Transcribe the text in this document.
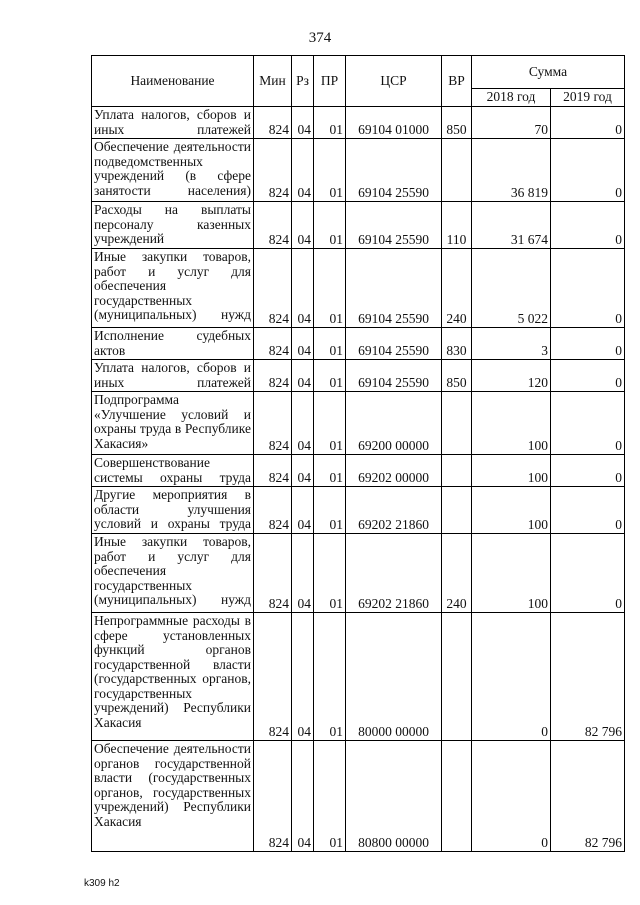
374
Наименование	Мин	Рз	ПР	ЦСР	ВР	Сумма	
						2018 год	2019 год
Уплата налогов, сборов и иных платежей	824	04	01	69104 01000	850	70	0
Обеспечение деятельности подведомственных учреждений (в сфере занятости населения)	824	04	01	69104 25590		36 819	0
Расходы на выплаты персоналу казенных учреждений	824	04	01	69104 25590	110	31 674	0
Иные закупки товаров, работ и услуг для обеспечения государственных (муниципальных) нужд	824	04	01	69104 25590	240	5 022	0
Исполнение судебных актов	824	04	01	69104 25590	830	3	0
Уплата налогов, сборов и иных платежей	824	04	01	69104 25590	850	120	0
Подпрограмма «Улучшение условий и охраны труда в Республике Хакасия»	824	04	01	69200 00000		100	0
Совершенствование системы охраны труда	824	04	01	69202 00000		100	0
Другие мероприятия в области улучшения условий и охраны труда	824	04	01	69202 21860		100	0
Иные закупки товаров, работ и услуг для обеспечения государственных (муниципальных) нужд	824	04	01	69202 21860	240	100	0
Непрограммные расходы в сфере установленных функций органов государственной власти (государственных органов, государственных учреждений) Республики Хакасия	824	04	01	80000 00000		0	82 796
Обеспечение деятельности органов государственной власти (государственных органов, государственных учреждений) Республики Хакасия	824	04	01	80800 00000		0	82 796
k309 h2
